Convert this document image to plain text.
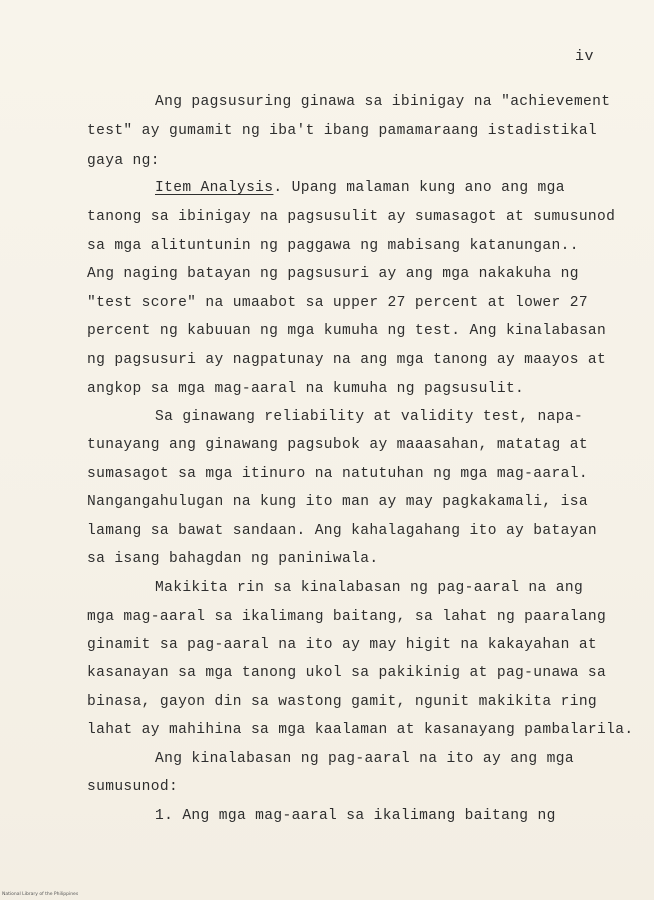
iv
Ang pagsusuring ginawa sa ibinigay na "achievement
test" ay gumamit ng iba't ibang pamamaraang istadistikal
gaya ng:
Item Analysis. Upang malaman kung ano ang mga
tanong sa ibinigay na pagsusulit ay sumasagot at sumusunod
sa mga alituntunin ng paggawa ng mabisang katanungan..
Ang naging batayan ng pagsusuri ay ang mga nakakuha ng
"test score" na umaabot sa upper 27 percent at lower 27
percent ng kabuuan ng mga kumuha ng test. Ang kinalabasan
ng pagsusuri ay nagpatunay na ang mga tanong ay maayos at
angkop sa mga mag-aaral na kumuha ng pagsusulit.
Sa ginawang reliability at validity test, napa-
tunayang ang ginawang pagsubok ay maaasahan, matatag at
sumasagot sa mga itinuro na natutuhan ng mga mag-aaral.
Nangangahulugan na kung ito man ay may pagkakamali, isa
lamang sa bawat sandaan. Ang kahalagahang ito ay batayan
sa isang bahagdan ng paniniwala.
Makikita rin sa kinalabasan ng pag-aaral na ang
mga mag-aaral sa ikalimang baitang, sa lahat ng paaralang
ginamit sa pag-aaral na ito ay may higit na kakayahan at
kasanayan sa mga tanong ukol sa pakikinig at pag-unawa sa
binasa, gayon din sa wastong gamit, ngunit makikita ring
lahat ay mahihina sa mga kaalaman at kasanayang pambalarila.
Ang kinalabasan ng pag-aaral na ito ay ang mga
sumusunod:
1. Ang mga mag-aaral sa ikalimang baitang ng
National Library of the Philippines
